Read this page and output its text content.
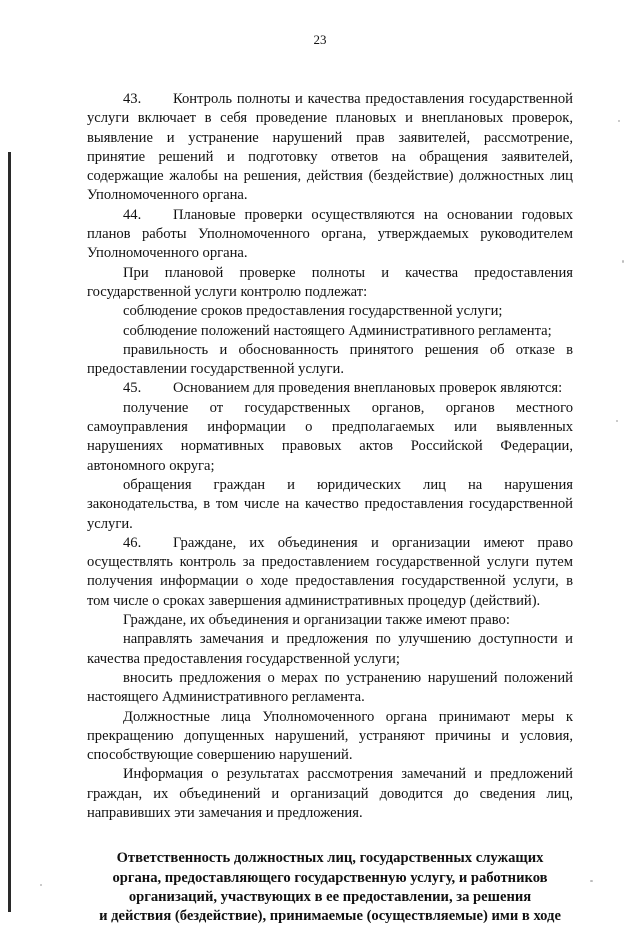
23

43. Контроль полноты и качества предоставления государственной услуги включает в себя проведение плановых и внеплановых проверок, выявление и устранение нарушений прав заявителей, рассмотрение, принятие решений и подготовку ответов на обращения заявителей, содержащие жалобы на решения, действия (бездействие) должностных лиц Уполномоченного органа.

44. Плановые проверки осуществляются на основании годовых планов работы Уполномоченного органа, утверждаемых руководителем Уполномоченного органа.

При плановой проверке полноты и качества предоставления государственной услуги контролю подлежат:

соблюдение сроков предоставления государственной услуги;

соблюдение положений настоящего Административного регламента;

правильность и обоснованность принятого решения об отказе в предоставлении государственной услуги.

45. Основанием для проведения внеплановых проверок являются:

получение от государственных органов, органов местного самоуправления информации о предполагаемых или выявленных нарушениях нормативных правовых актов Российской Федерации, автономного округа;

обращения граждан и юридических лиц на нарушения законодательства, в том числе на качество предоставления государственной услуги.

46. Граждане, их объединения и организации имеют право осуществлять контроль за предоставлением государственной услуги путем получения информации о ходе предоставления государственной услуги, в том числе о сроках завершения административных процедур (действий).

Граждане, их объединения и организации также имеют право:

направлять замечания и предложения по улучшению доступности и качества предоставления государственной услуги;

вносить предложения о мерах по устранению нарушений положений настоящего Административного регламента.

Должностные лица Уполномоченного органа принимают меры к прекращению допущенных нарушений, устраняют причины и условия, способствующие совершению нарушений.

Информация о результатах рассмотрения замечаний и предложений граждан, их объединений и организаций доводится до сведения лиц, направивших эти замечания и предложения.

Ответственность должностных лиц, государственных служащих
органа, предоставляющего государственную услугу, и работников
организаций, участвующих в ее предоставлении, за решения
и действия (бездействие), принимаемые (осуществляемые) ими в ходе
